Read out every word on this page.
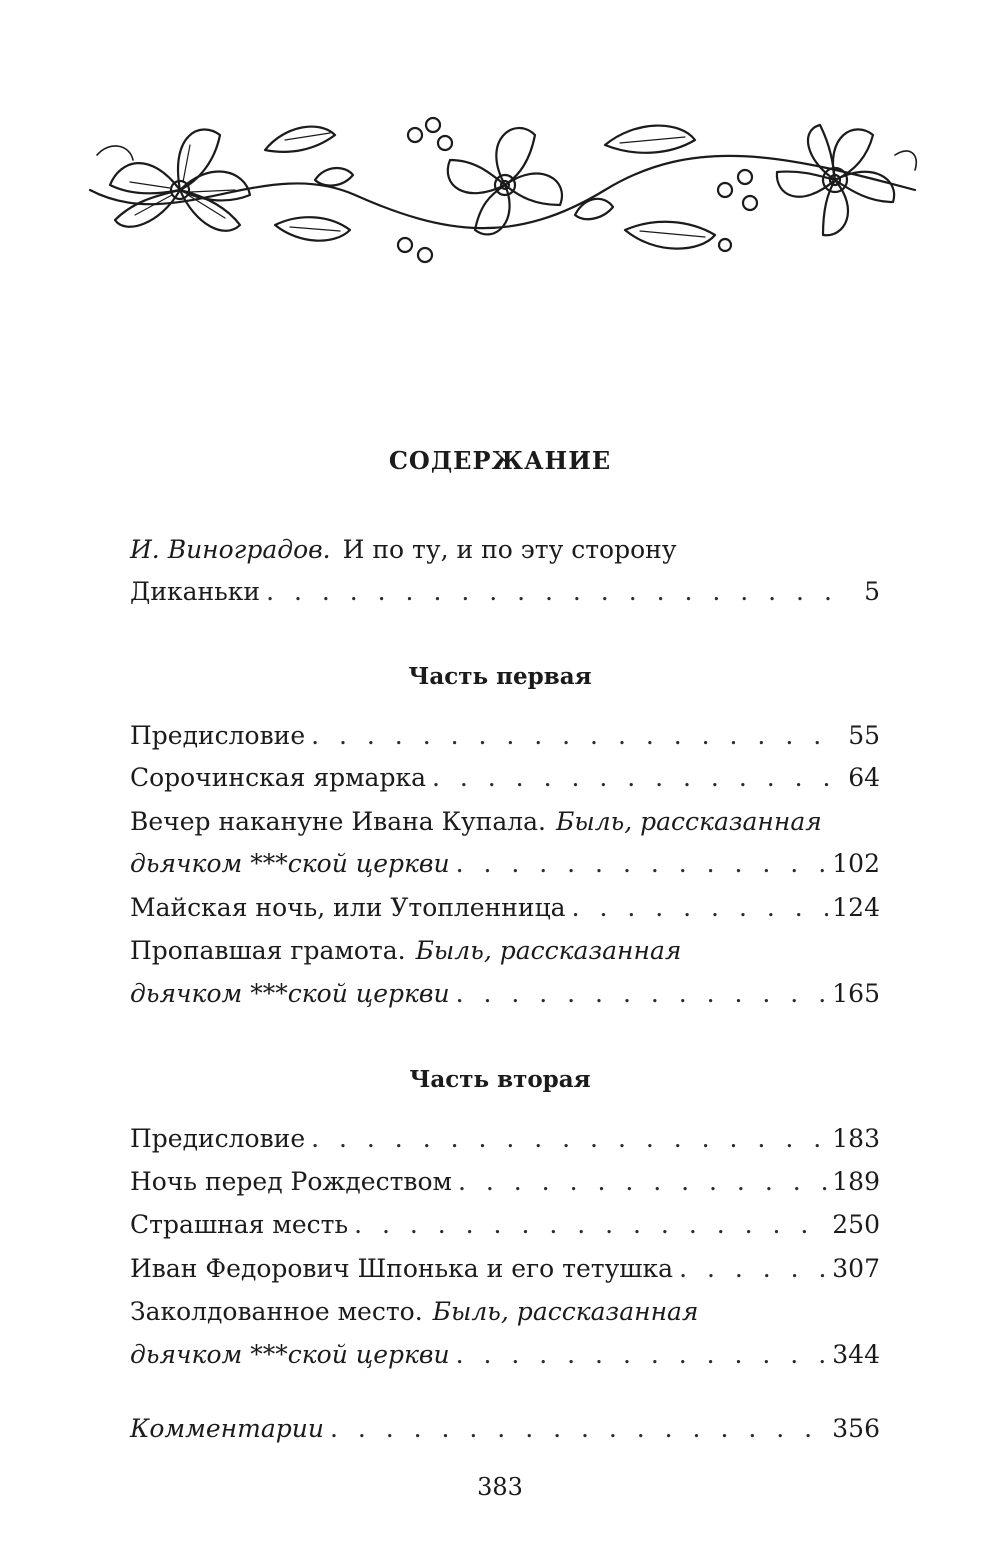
СОДЕРЖАНИЕ
И. Виноградов. И по ту, и по эту сторону
Диканьки . . .	5
Часть первая
Предисловие . . .	55
Сорочинская ярмарка . . .	64
Вечер накануне Ивана Купала. Быль, рассказанная
дьячком ***ской церкви . . .	102
Майская ночь, или Утопленница . . .	124
Пропавшая грамота. Быль, рассказанная
дьячком ***ской церкви . . .	165
Часть вторая
Предисловие . . .	183
Ночь перед Рождеством . . .	189
Страшная месть . . .	250
Иван Федорович Шпонька и его тетушка . . .	307
Заколдованное место. Быль, рассказанная
дьячком ***ской церкви . . .	344
Комментарии . . .	356
383
